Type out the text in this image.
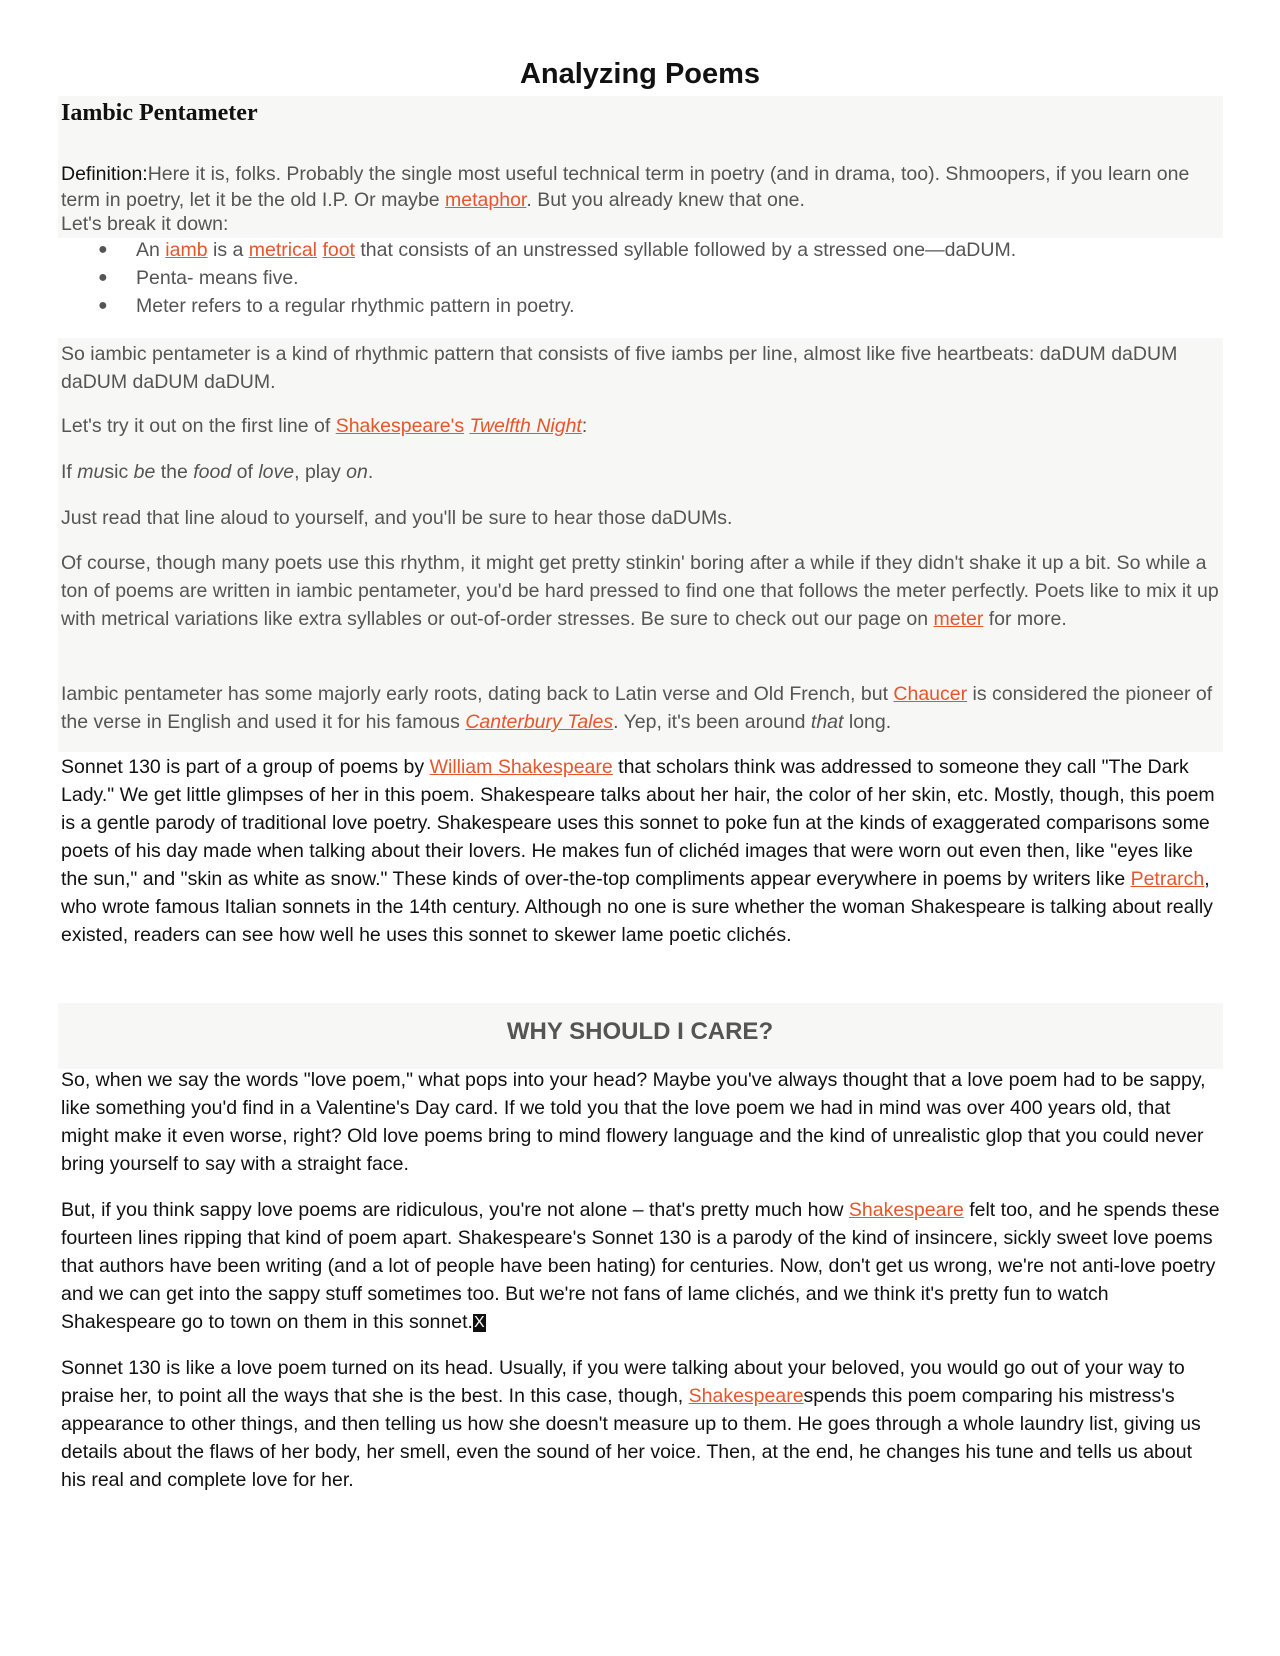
Analyzing Poems
Iambic Pentameter

Definition:Here it is, folks. Probably the single most useful technical term in poetry (and in drama, too). Shmoopers, if you learn one term in poetry, let it be the old I.P. Or maybe metaphor. But you already knew that one.

Let's break it down:

● An iamb is a metrical foot that consists of an unstressed syllable followed by a stressed one—daDUM.
● Penta- means five.
● Meter refers to a regular rhythmic pattern in poetry.

So iambic pentameter is a kind of rhythmic pattern that consists of five iambs per line, almost like five heartbeats: daDUM daDUM daDUM daDUM daDUM.

Let's try it out on the first line of Shakespeare's Twelfth Night:

If music be the food of love, play on.

Just read that line aloud to yourself, and you'll be sure to hear those daDUMs.

Of course, though many poets use this rhythm, it might get pretty stinkin' boring after a while if they didn't shake it up a bit. So while a ton of poems are written in iambic pentameter, you'd be hard pressed to find one that follows the meter perfectly. Poets like to mix it up with metrical variations like extra syllables or out-of-order stresses. Be sure to check out our page on meter for more.

Iambic pentameter has some majorly early roots, dating back to Latin verse and Old French, but Chaucer is considered the pioneer of the verse in English and used it for his famous Canterbury Tales. Yep, it's been around that long.

Sonnet 130 is part of a group of poems by William Shakespeare that scholars think was addressed to someone they call "The Dark Lady." We get little glimpses of her in this poem. Shakespeare talks about her hair, the color of her skin, etc. Mostly, though, this poem is a gentle parody of traditional love poetry. Shakespeare uses this sonnet to poke fun at the kinds of exaggerated comparisons some poets of his day made when talking about their lovers. He makes fun of clichéd images that were worn out even then, like "eyes like the sun," and "skin as white as snow." These kinds of over-the-top compliments appear everywhere in poems by writers like Petrarch, who wrote famous Italian sonnets in the 14th century. Although no one is sure whether the woman Shakespeare is talking about really existed, readers can see how well he uses this sonnet to skewer lame poetic clichés.

WHY SHOULD I CARE?

So, when we say the words "love poem," what pops into your head? Maybe you've always thought that a love poem had to be sappy, like something you'd find in a Valentine's Day card. If we told you that the love poem we had in mind was over 400 years old, that might make it even worse, right? Old love poems bring to mind flowery language and the kind of unrealistic glop that you could never bring yourself to say with a straight face.

But, if you think sappy love poems are ridiculous, you're not alone – that's pretty much how Shakespeare felt too, and he spends these fourteen lines ripping that kind of poem apart. Shakespeare's Sonnet 130 is a parody of the kind of insincere, sickly sweet love poems that authors have been writing (and a lot of people have been hating) for centuries. Now, don't get us wrong, we're not anti-love poetry and we can get into the sappy stuff sometimes too. But we're not fans of lame clichés, and we think it's pretty fun to watch Shakespeare go to town on them in this sonnet.X

Sonnet 130 is like a love poem turned on its head. Usually, if you were talking about your beloved, you would go out of your way to praise her, to point all the ways that she is the best. In this case, though, Shakespearespends this poem comparing his mistress's appearance to other things, and then telling us how she doesn't measure up to them. He goes through a whole laundry list, giving us details about the flaws of her body, her smell, even the sound of her voice. Then, at the end, he changes his tune and tells us about his real and complete love for her.
